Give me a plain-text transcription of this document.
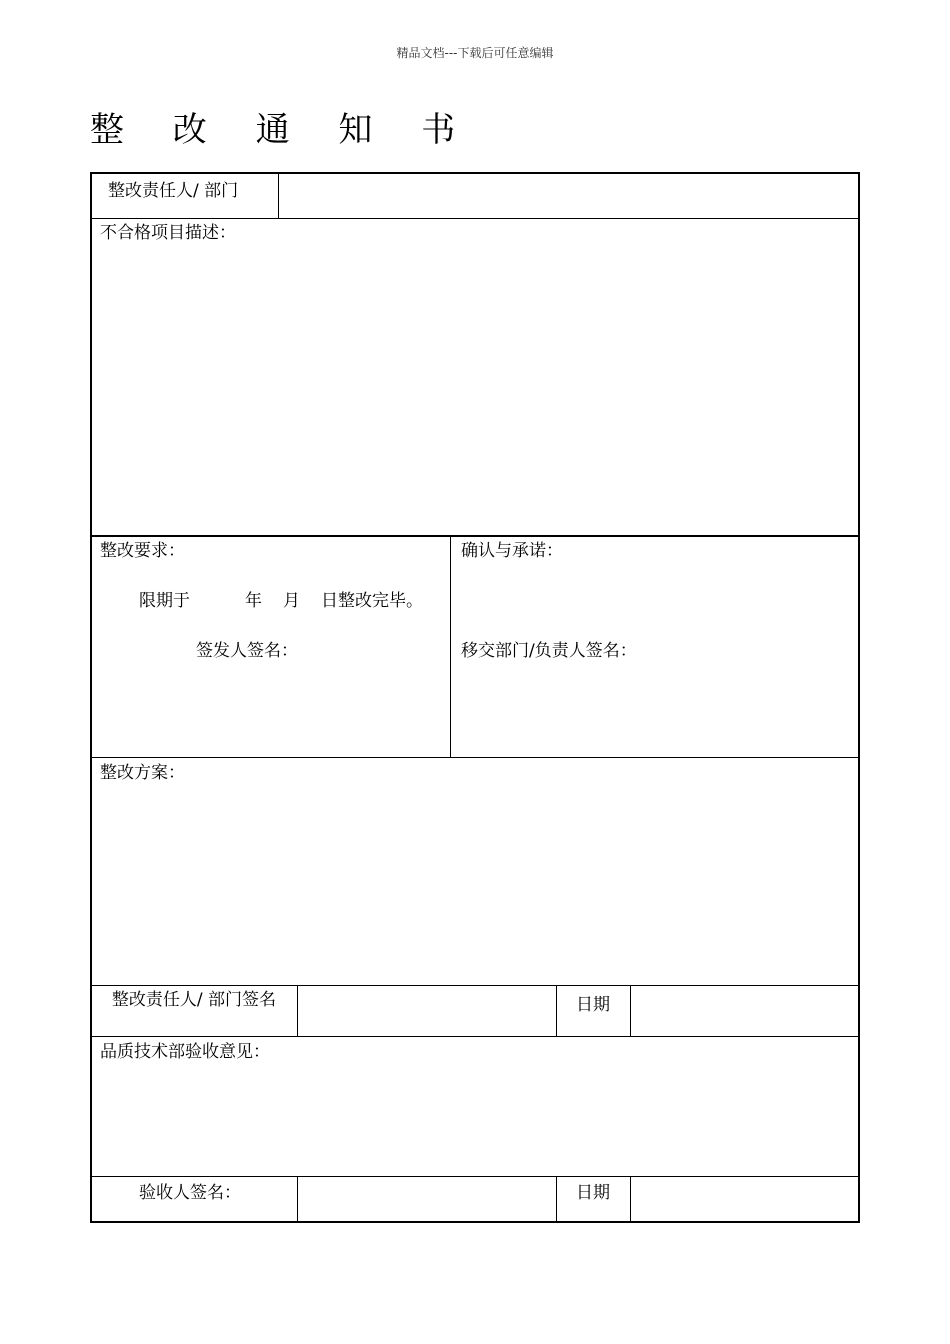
精品文档---下载后可任意编辑
整 改 通 知 书
整改责任人/ 部门
不合格项目描述：
整改要求：
限期于	年 月 日整改完毕。
签发人签名：
确认与承诺：
移交部门/负责人签名：
整改方案：
整改责任人/ 部门签名	日期
品质技术部验收意见：
验收人签名：	日期
